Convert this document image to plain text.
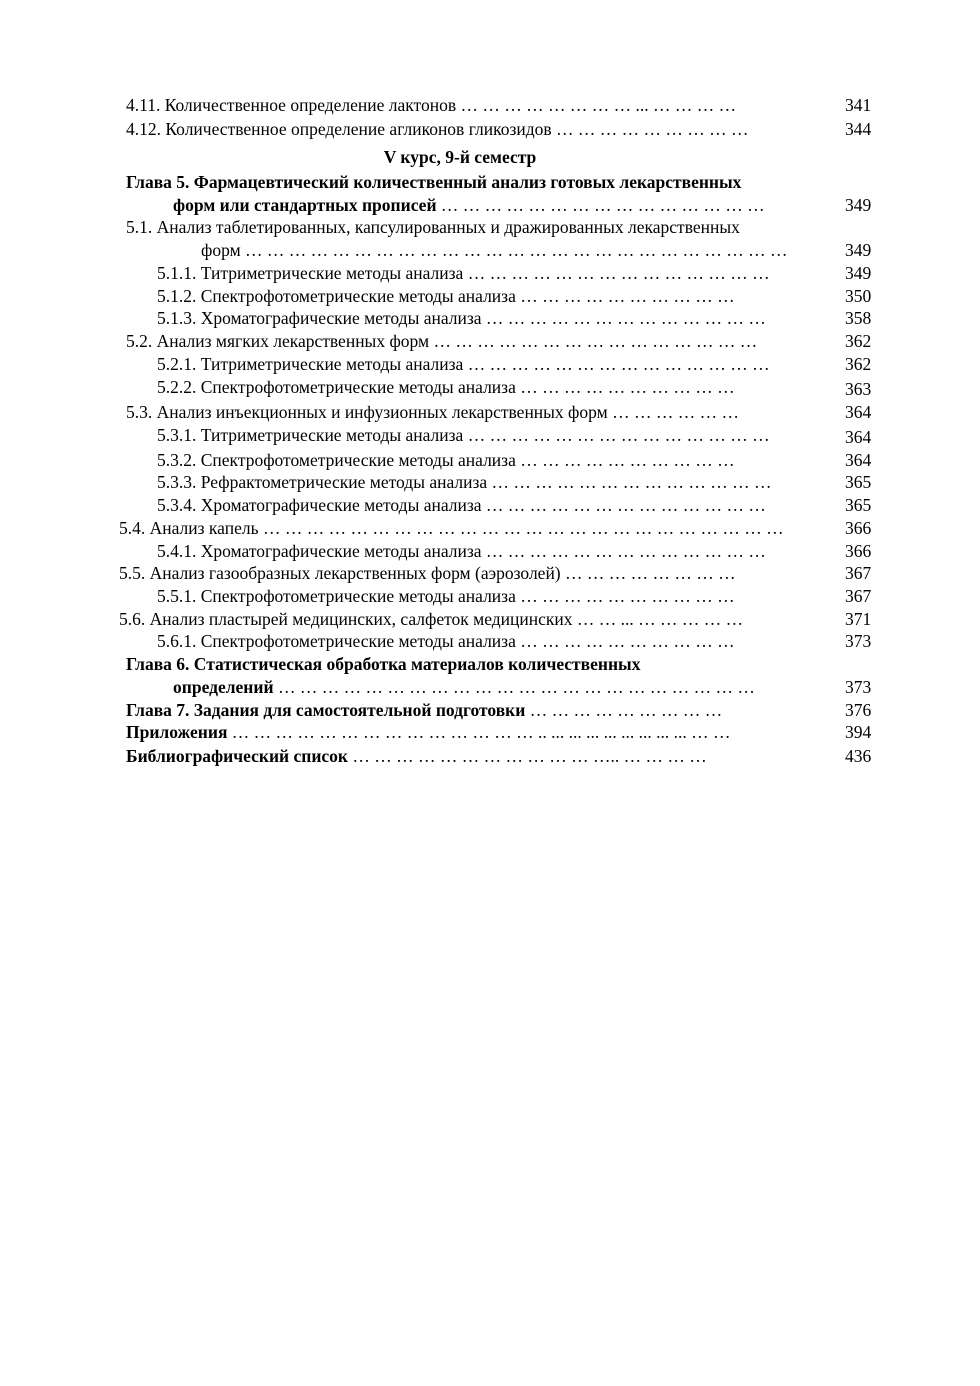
4.11. Количественное определение лактонов … … … … … … … … ... … … … …	341
4.12. Количественное определение агликонов гликозидов … … … … … … … … …	344
V курс, 9-й семестр
Глава 5. Фармацевтический количественный анализ готовых лекарственных
форм или стандартных прописей … … … … … … … … … … … … … … …	349
5.1. Анализ таблетированных, капсулированных и дражированных лекарственных
форм … … … … … … … … … … … … … … … … … … … … … … … … …	349
5.1.1. Титриметрические методы анализа … … … … … … … … … … … … … …	349
5.1.2. Спектрофотометрические методы анализа … … … … … … … … … …	350
5.1.3. Хроматографические методы анализа … … … … … … … … … … … … …	358
5.2. Анализ мягких лекарственных форм … … … … … … … … … … … … … … …	362
5.2.1. Титриметрические методы анализа … … … … … … … … … … … … … …	362
5.2.2. Спектрофотометрические методы анализа … … … … … … … … … …	363
5.3. Анализ инъекционных и инфузионных лекарственных форм … … … … … …	364
5.3.1. Титриметрические методы анализа … … … … … … … … … … … … … …	364
5.3.2. Спектрофотометрические методы анализа … … … … … … … … … …	364
5.3.3. Рефрактометрические методы анализа … … … … … … … … … … … … …	365
5.3.4. Хроматографические методы анализа … … … … … … … … … … … … …	365
5.4. Анализ капель … … … … … … … … … … … … … … … … … … … … … … … …	366
5.4.1. Хроматографические методы анализа … … … … … … … … … … … … …	366
5.5. Анализ газообразных лекарственных форм (аэрозолей) … … … … … … … …	367
5.5.1. Спектрофотометрические методы анализа … … … … … … … … … …	367
5.6. Анализ пластырей медицинских, салфеток медицинских … … ... … … … … …	371
5.6.1. Спектрофотометрические методы анализа … … … … … … … … … …	373
Глава 6. Статистическая обработка материалов количественных
определений … … … … … … … … … … … … … … … … … … … … … …	373
Глава 7. Задания для самостоятельной подготовки … … … … … … … … …	376
Приложения … … … … … … … … … … … … … … .. ... ... ... ... ... ... ... ... … …	394
Библиографический список … … … … … … … … … … … ….. … … … …	436
